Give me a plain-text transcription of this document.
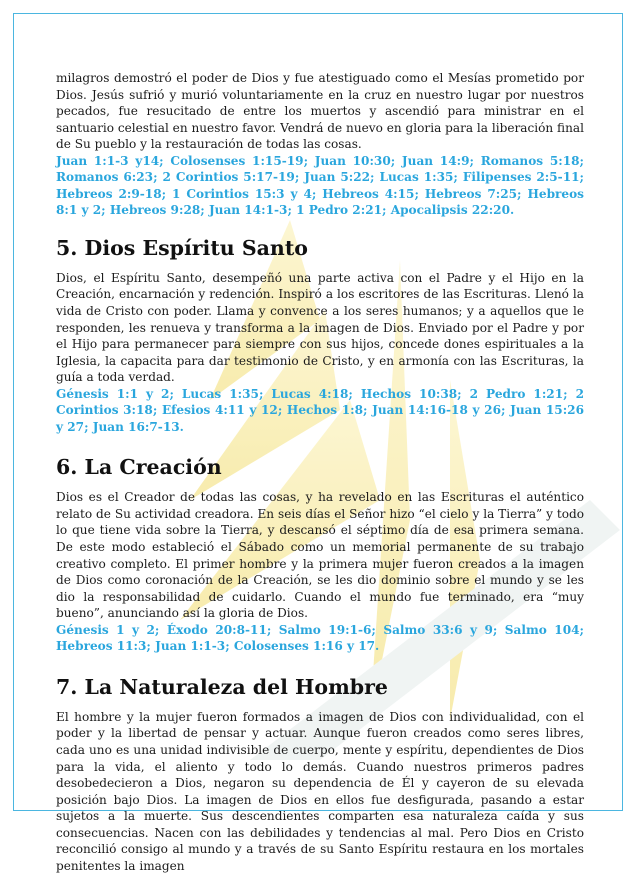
milagros demostró el poder de Dios y fue atestiguado como el Mesías prometido por Dios. Jesús sufrió y murió voluntariamente en la cruz en nuestro lugar por nuestros pecados, fue resucitado de entre los muertos y ascendió para ministrar en el santuario celestial en nuestro favor. Vendrá de nuevo en gloria para la liberación final de Su pueblo y la restauración de todas las cosas.

Juan 1:1-3 y14; Colosenses 1:15-19; Juan 10:30; Juan 14:9; Romanos 5:18; Romanos 6:23; 2 Corintios 5:17-19; Juan 5:22; Lucas 1:35; Filipenses 2:5-11; Hebreos 2:9-18; 1 Corintios 15:3 y 4; Hebreos 4:15; Hebreos 7:25; Hebreos 8:1 y 2; Hebreos 9:28; Juan 14:1-3; 1 Pedro 2:21; Apocalipsis 22:20.

5. Dios Espíritu Santo

Dios, el Espíritu Santo, desempeñó una parte activa con el Padre y el Hijo en la Creación, encarnación y redención. Inspiró a los escritores de las Escrituras. Llenó la vida de Cristo con poder. Llama y convence a los seres humanos; y a aquellos que le responden, les renueva y transforma a la imagen de Dios. Enviado por el Padre y por el Hijo para permanecer para siempre con sus hijos, concede dones espirituales a la Iglesia, la capacita para dar testimonio de Cristo, y en armonía con las Escrituras, la guía a toda verdad.

Génesis 1:1 y 2; Lucas 1:35; Lucas 4:18; Hechos 10:38; 2 Pedro 1:21; 2 Corintios 3:18; Efesios 4:11 y 12; Hechos 1:8; Juan 14:16-18 y 26; Juan 15:26 y 27; Juan 16:7-13.

6. La Creación

Dios es el Creador de todas las cosas, y ha revelado en las Escrituras el auténtico relato de Su actividad creadora. En seis días el Señor hizo “el cielo y la Tierra” y todo lo que tiene vida sobre la Tierra, y descansó el séptimo día de esa primera semana. De este modo estableció el Sábado como un memorial permanente de su trabajo creativo completo. El primer hombre y la primera mujer fueron creados a la imagen de Dios como coronación de la Creación, se les dio dominio sobre el mundo y se les dio la responsabilidad de cuidarlo. Cuando el mundo fue terminado, era “muy bueno”, anunciando así la gloria de Dios.

Génesis 1 y 2; Éxodo 20:8-11; Salmo 19:1-6; Salmo 33:6 y 9; Salmo 104; Hebreos 11:3; Juan 1:1-3; Colosenses 1:16 y 17.

7. La Naturaleza del Hombre

El hombre y la mujer fueron formados a imagen de Dios con individualidad, con el poder y la libertad de pensar y actuar. Aunque fueron creados como seres libres, cada uno es una unidad indivisible de cuerpo, mente y espíritu, dependientes de Dios para la vida, el aliento y todo lo demás. Cuando nuestros primeros padres desobedecieron a Dios, negaron su dependencia de Él y cayeron de su elevada posición bajo Dios. La imagen de Dios en ellos fue desfigurada, pasando a estar sujetos a la muerte. Sus descendientes comparten esa naturaleza caída y sus consecuencias. Nacen con las debilidades y tendencias al mal. Pero Dios en Cristo reconcilió consigo al mundo y a través de su Santo Espíritu restaura en los mortales penitentes la imagen
